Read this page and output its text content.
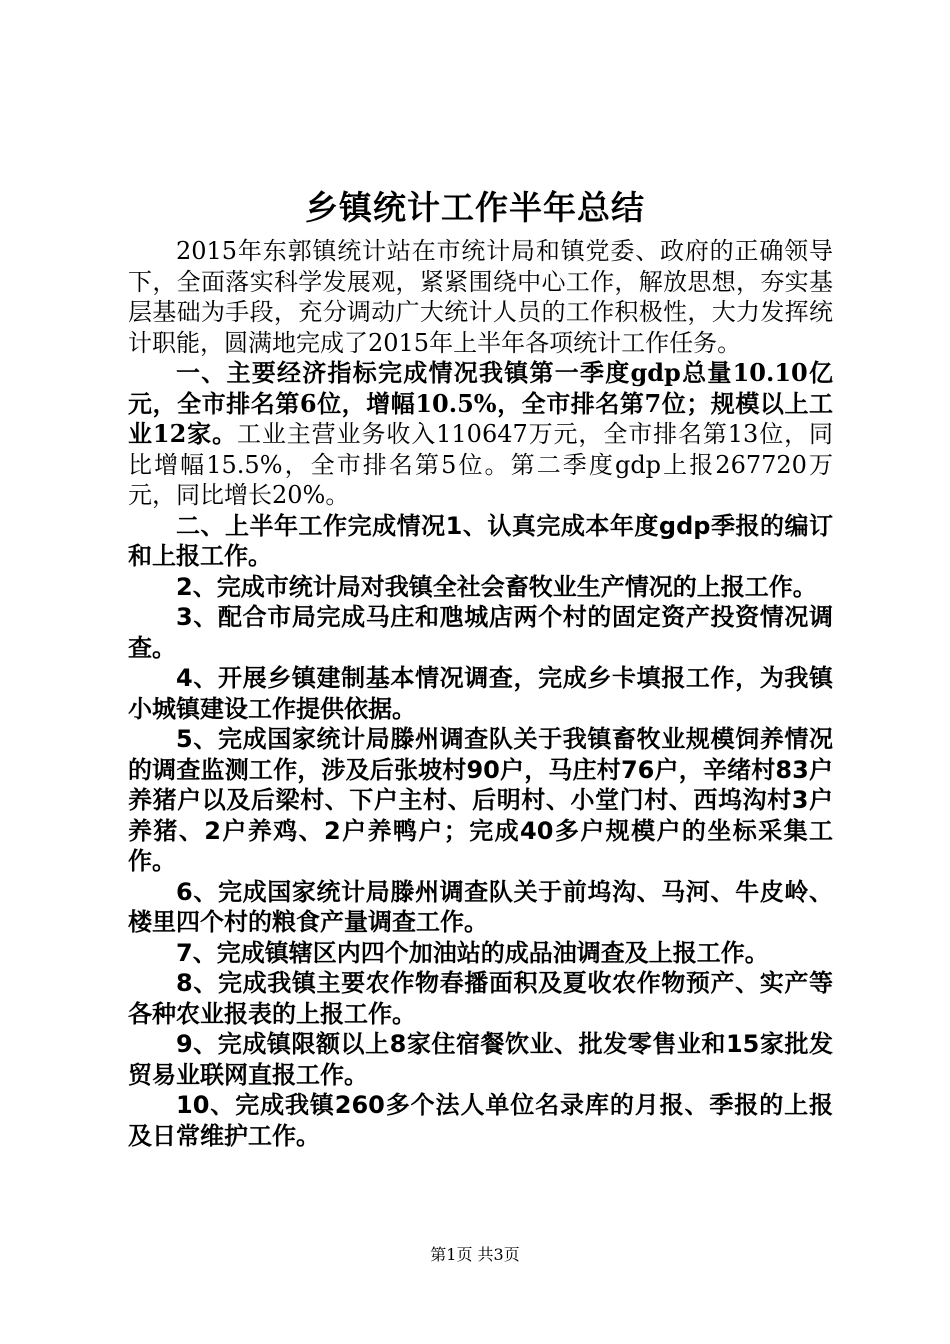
乡镇统计工作半年总结

2015年东郭镇统计站在市统计局和镇党委、政府的正确领导下，全面落实科学发展观，紧紧围绕中心工作，解放思想，夯实基层基础为手段，充分调动广大统计人员的工作积极性，大力发挥统计职能，圆满地完成了2015年上半年各项统计工作任务。

一、主要经济指标完成情况我镇第一季度gdp总量10.10亿元，全市排名第6位，增幅10.5%，全市排名第7位；规模以上工业12家。工业主营业务收入110647万元，全市排名第13位，同比增幅15.5%，全市排名第5位。第二季度gdp上报267720万元，同比增长20%。

二、上半年工作完成情况1、认真完成本年度gdp季报的编订和上报工作。

2、完成市统计局对我镇全社会畜牧业生产情况的上报工作。

3、配合市局完成马庄和虺城店两个村的固定资产投资情况调查。

4、开展乡镇建制基本情况调查，完成乡卡填报工作，为我镇小城镇建设工作提供依据。

5、完成国家统计局滕州调查队关于我镇畜牧业规模饲养情况的调查监测工作，涉及后张坡村90户，马庄村76户，辛绪村83户养猪户以及后梁村、下户主村、后明村、小堂门村、西坞沟村3户养猪、2户养鸡、2户养鸭户；完成40多户规模户的坐标采集工作。

6、完成国家统计局滕州调查队关于前坞沟、马河、牛皮岭、楼里四个村的粮食产量调查工作。

7、完成镇辖区内四个加油站的成品油调查及上报工作。

8、完成我镇主要农作物春播面积及夏收农作物预产、实产等各种农业报表的上报工作。

9、完成镇限额以上8家住宿餐饮业、批发零售业和15家批发贸易业联网直报工作。

10、完成我镇260多个法人单位名录库的月报、季报的上报及日常维护工作。

第1页 共3页
